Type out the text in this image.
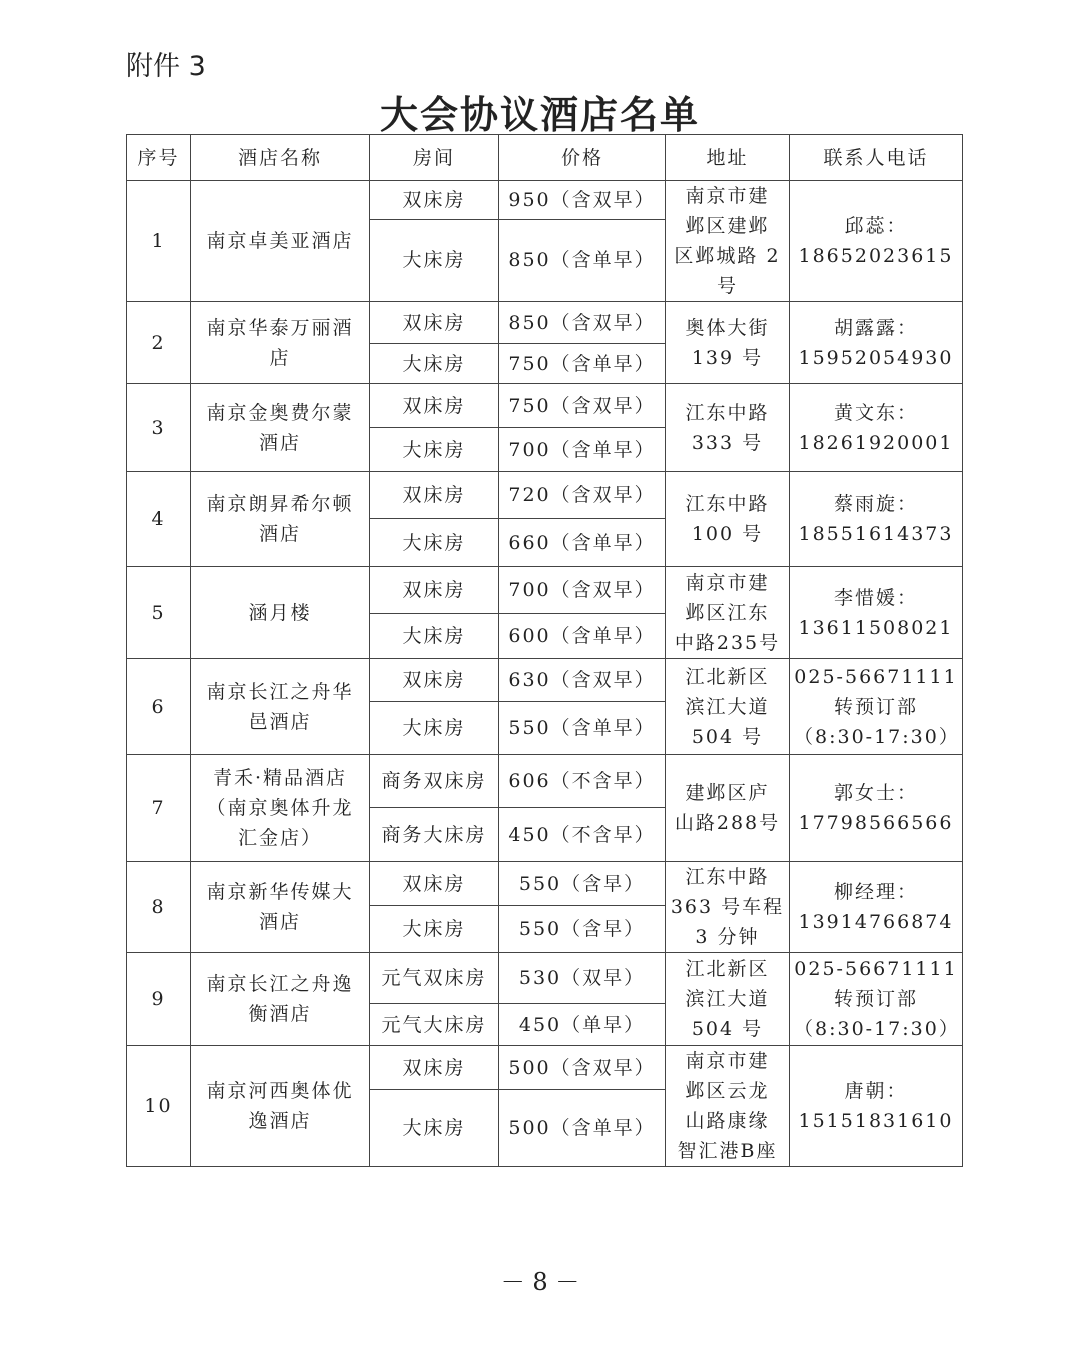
附件 3
大会协议酒店名单
序号	酒店名称	房间	价格	地址	联系人电话
1	南京卓美亚酒店	双床房	950（含双早）	南京市建
邺区建邺
区邺城路 2
号	邱蕊：
18652023615
		大床房	850（含单早）		
2	南京华泰万丽酒
店	双床房	850（含双早）	奥体大街
139 号	胡露露：
15952054930
		大床房	750（含单早）		
3	南京金奥费尔蒙
酒店	双床房	750（含双早）	江东中路
333 号	黄文东：
18261920001
		大床房	700（含单早）		
4	南京朗昇希尔顿
酒店	双床房	720（含双早）	江东中路
100 号	蔡雨旋：
18551614373
		大床房	660（含单早）		
5	涵月楼	双床房	700（含双早）	南京市建
邺区江东
中路235号	李惜媛：
13611508021
		大床房	600（含单早）		
6	南京长江之舟华
邑酒店	双床房	630（含双早）	江北新区
滨江大道
504 号	025-56671111
转预订部
（8:30-17:30）
		大床房	550（含单早）		
7	青禾·精品酒店
（南京奥体升龙
汇金店）	商务双床房	606（不含早）	建邺区庐
山路288号	郭女士：
17798566566
		商务大床房	450（不含早）		
8	南京新华传媒大
酒店	双床房	550（含早）	江东中路
363 号车程
3 分钟	柳经理：
13914766874
		大床房	550（含早）		
9	南京长江之舟逸
衡酒店	元气双床房	530（双早）	江北新区
滨江大道
504 号	025-56671111
转预订部
（8:30-17:30）
		元气大床房	450（单早）		
10	南京河西奥体优
逸酒店	双床房	500（含双早）	南京市建
邺区云龙
山路康缘
智汇港B座	唐朝：
15151831610
		大床房	500（含单早）		
－ 8 －
